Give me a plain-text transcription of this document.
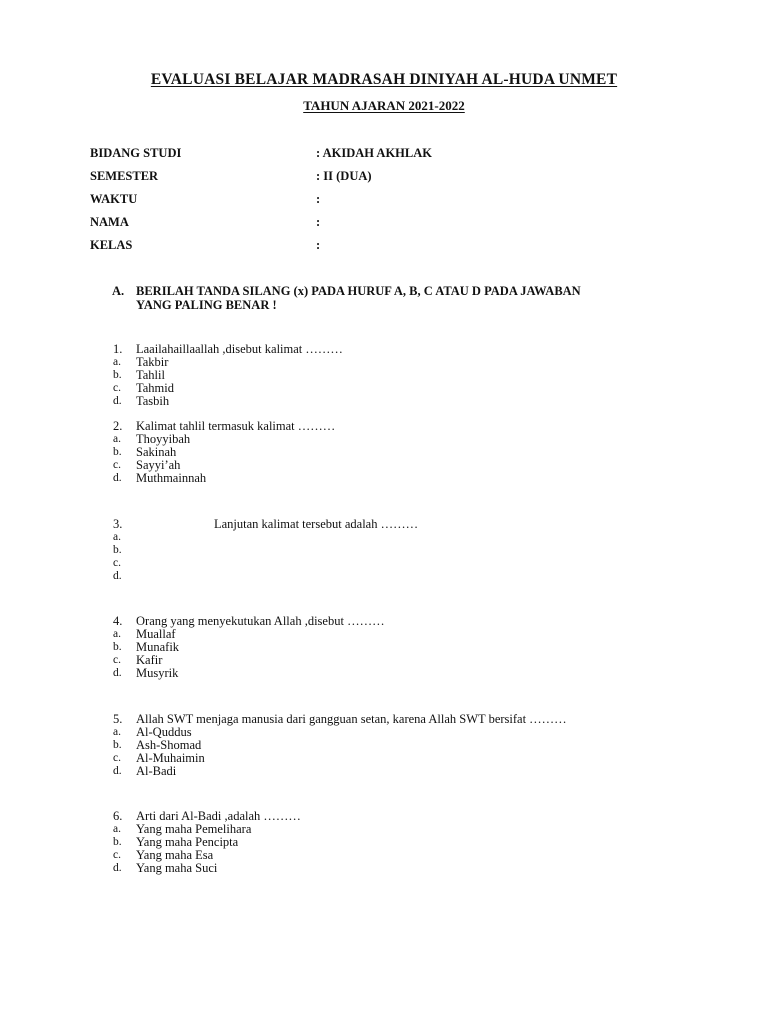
EVALUASI BELAJAR MADRASAH DINIYAH AL-HUDA UNMET
TAHUN AJARAN 2021-2022
BIDANG STUDI	: AKIDAH AKHLAK
SEMESTER	: II (DUA)
WAKTU	:
NAMA	:
KELAS	:
A. BERILAH TANDA SILANG (x) PADA HURUF A, B, C ATAU D PADA JAWABAN
YANG PALING BENAR !
1. Laailahaillaallah ,disebut kalimat ………
a. Takbir
b. Tahlil
c. Tahmid
d. Tasbih
2. Kalimat tahlil termasuk kalimat ………
a. Thoyyibah
b. Sakinah
c. Sayyi’ah
d. Muthmainnah
3.	Lanjutan kalimat tersebut adalah ………
a.
b.
c.
d.
4. Orang yang menyekutukan Allah ,disebut ………
a. Muallaf
b. Munafik
c. Kafir
d. Musyrik
5. Allah SWT menjaga manusia dari gangguan setan, karena Allah SWT bersifat ………
a. Al-Quddus
b. Ash-Shomad
c. Al-Muhaimin
d. Al-Badi
6. Arti dari Al-Badi ,adalah ………
a. Yang maha Pemelihara
b. Yang maha Pencipta
c. Yang maha Esa
d. Yang maha Suci
